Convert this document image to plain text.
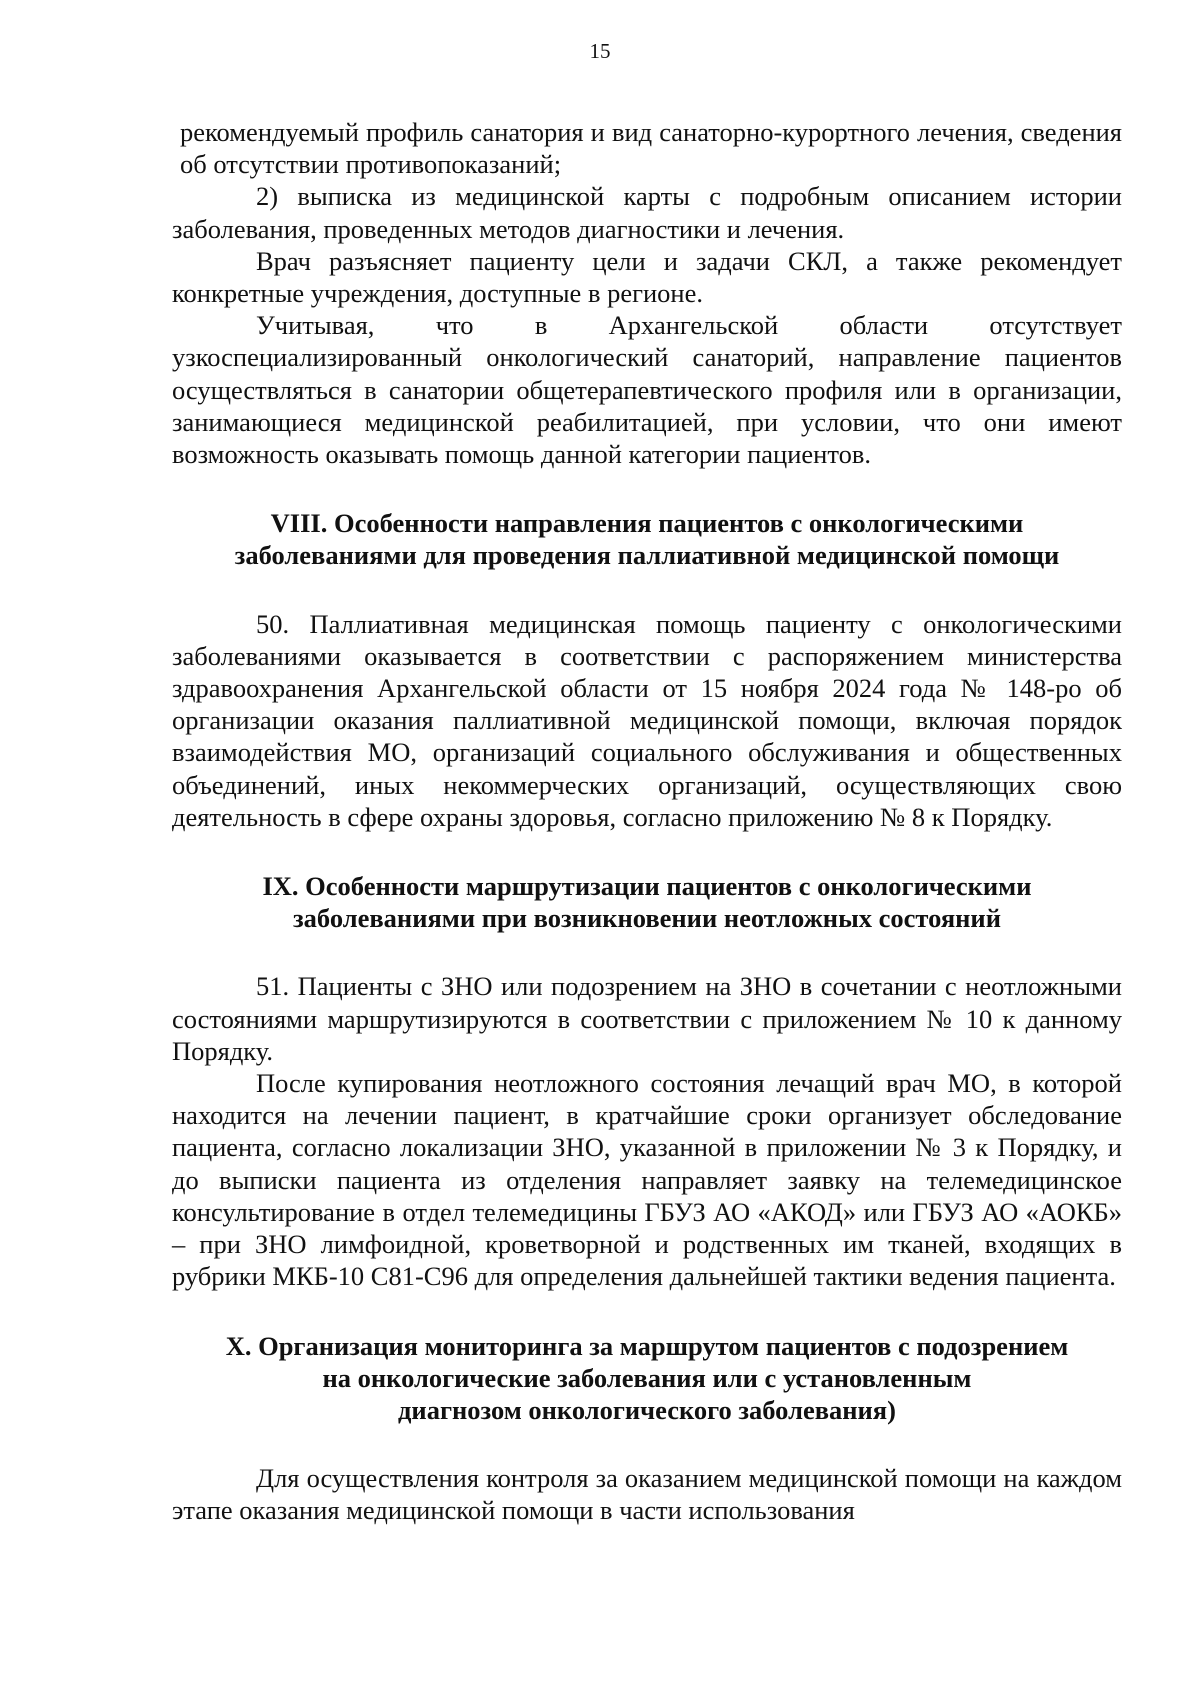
15

рекомендуемый профиль санатория и вид санаторно-курортного лечения, сведения об отсутствии противопоказаний;

2) выписка из медицинской карты с подробным описанием истории заболевания, проведенных методов диагностики и лечения.

Врач разъясняет пациенту цели и задачи СКЛ, а также рекомендует конкретные учреждения, доступные в регионе.

Учитывая, что в Архангельской области отсутствует узкоспециализированный онкологический санаторий, направление пациентов осуществляться в санатории общетерапевтического профиля или в организации, занимающиеся медицинской реабилитацией, при условии, что они имеют возможность оказывать помощь данной категории пациентов.

VIII. Особенности направления пациентов с онкологическими
заболеваниями для проведения паллиативной медицинской помощи

50. Паллиативная медицинская помощь пациенту с онкологическими заболеваниями оказывается в соответствии с распоряжением министерства здравоохранения Архангельской области от 15 ноября 2024 года № 148-ро об организации оказания паллиативной медицинской помощи, включая порядок взаимодействия МО, организаций социального обслуживания и общественных объединений, иных некоммерческих организаций, осуществляющих свою деятельность в сфере охраны здоровья, согласно приложению № 8 к Порядку.

IX. Особенности маршрутизации пациентов с онкологическими
заболеваниями при возникновении неотложных состояний

51. Пациенты с ЗНО или подозрением на ЗНО в сочетании с неотложными состояниями маршрутизируются в соответствии с приложением № 10 к данному Порядку.

После купирования неотложного состояния лечащий врач МО, в которой находится на лечении пациент, в кратчайшие сроки организует обследование пациента, согласно локализации ЗНО, указанной в приложении № 3 к Порядку, и до выписки пациента из отделения направляет заявку на телемедицинское консультирование в отдел телемедицины ГБУЗ АО «АКОД» или ГБУЗ АО «АОКБ» – при ЗНО лимфоидной, кроветворной и родственных им тканей, входящих в рубрики МКБ-10 С81-С96 для определения дальнейшей тактики ведения пациента.

X. Организация мониторинга за маршрутом пациентов с подозрением
на онкологические заболевания или с установленным
диагнозом онкологического заболевания)

Для осуществления контроля за оказанием медицинской помощи на каждом этапе оказания медицинской помощи в части использования
